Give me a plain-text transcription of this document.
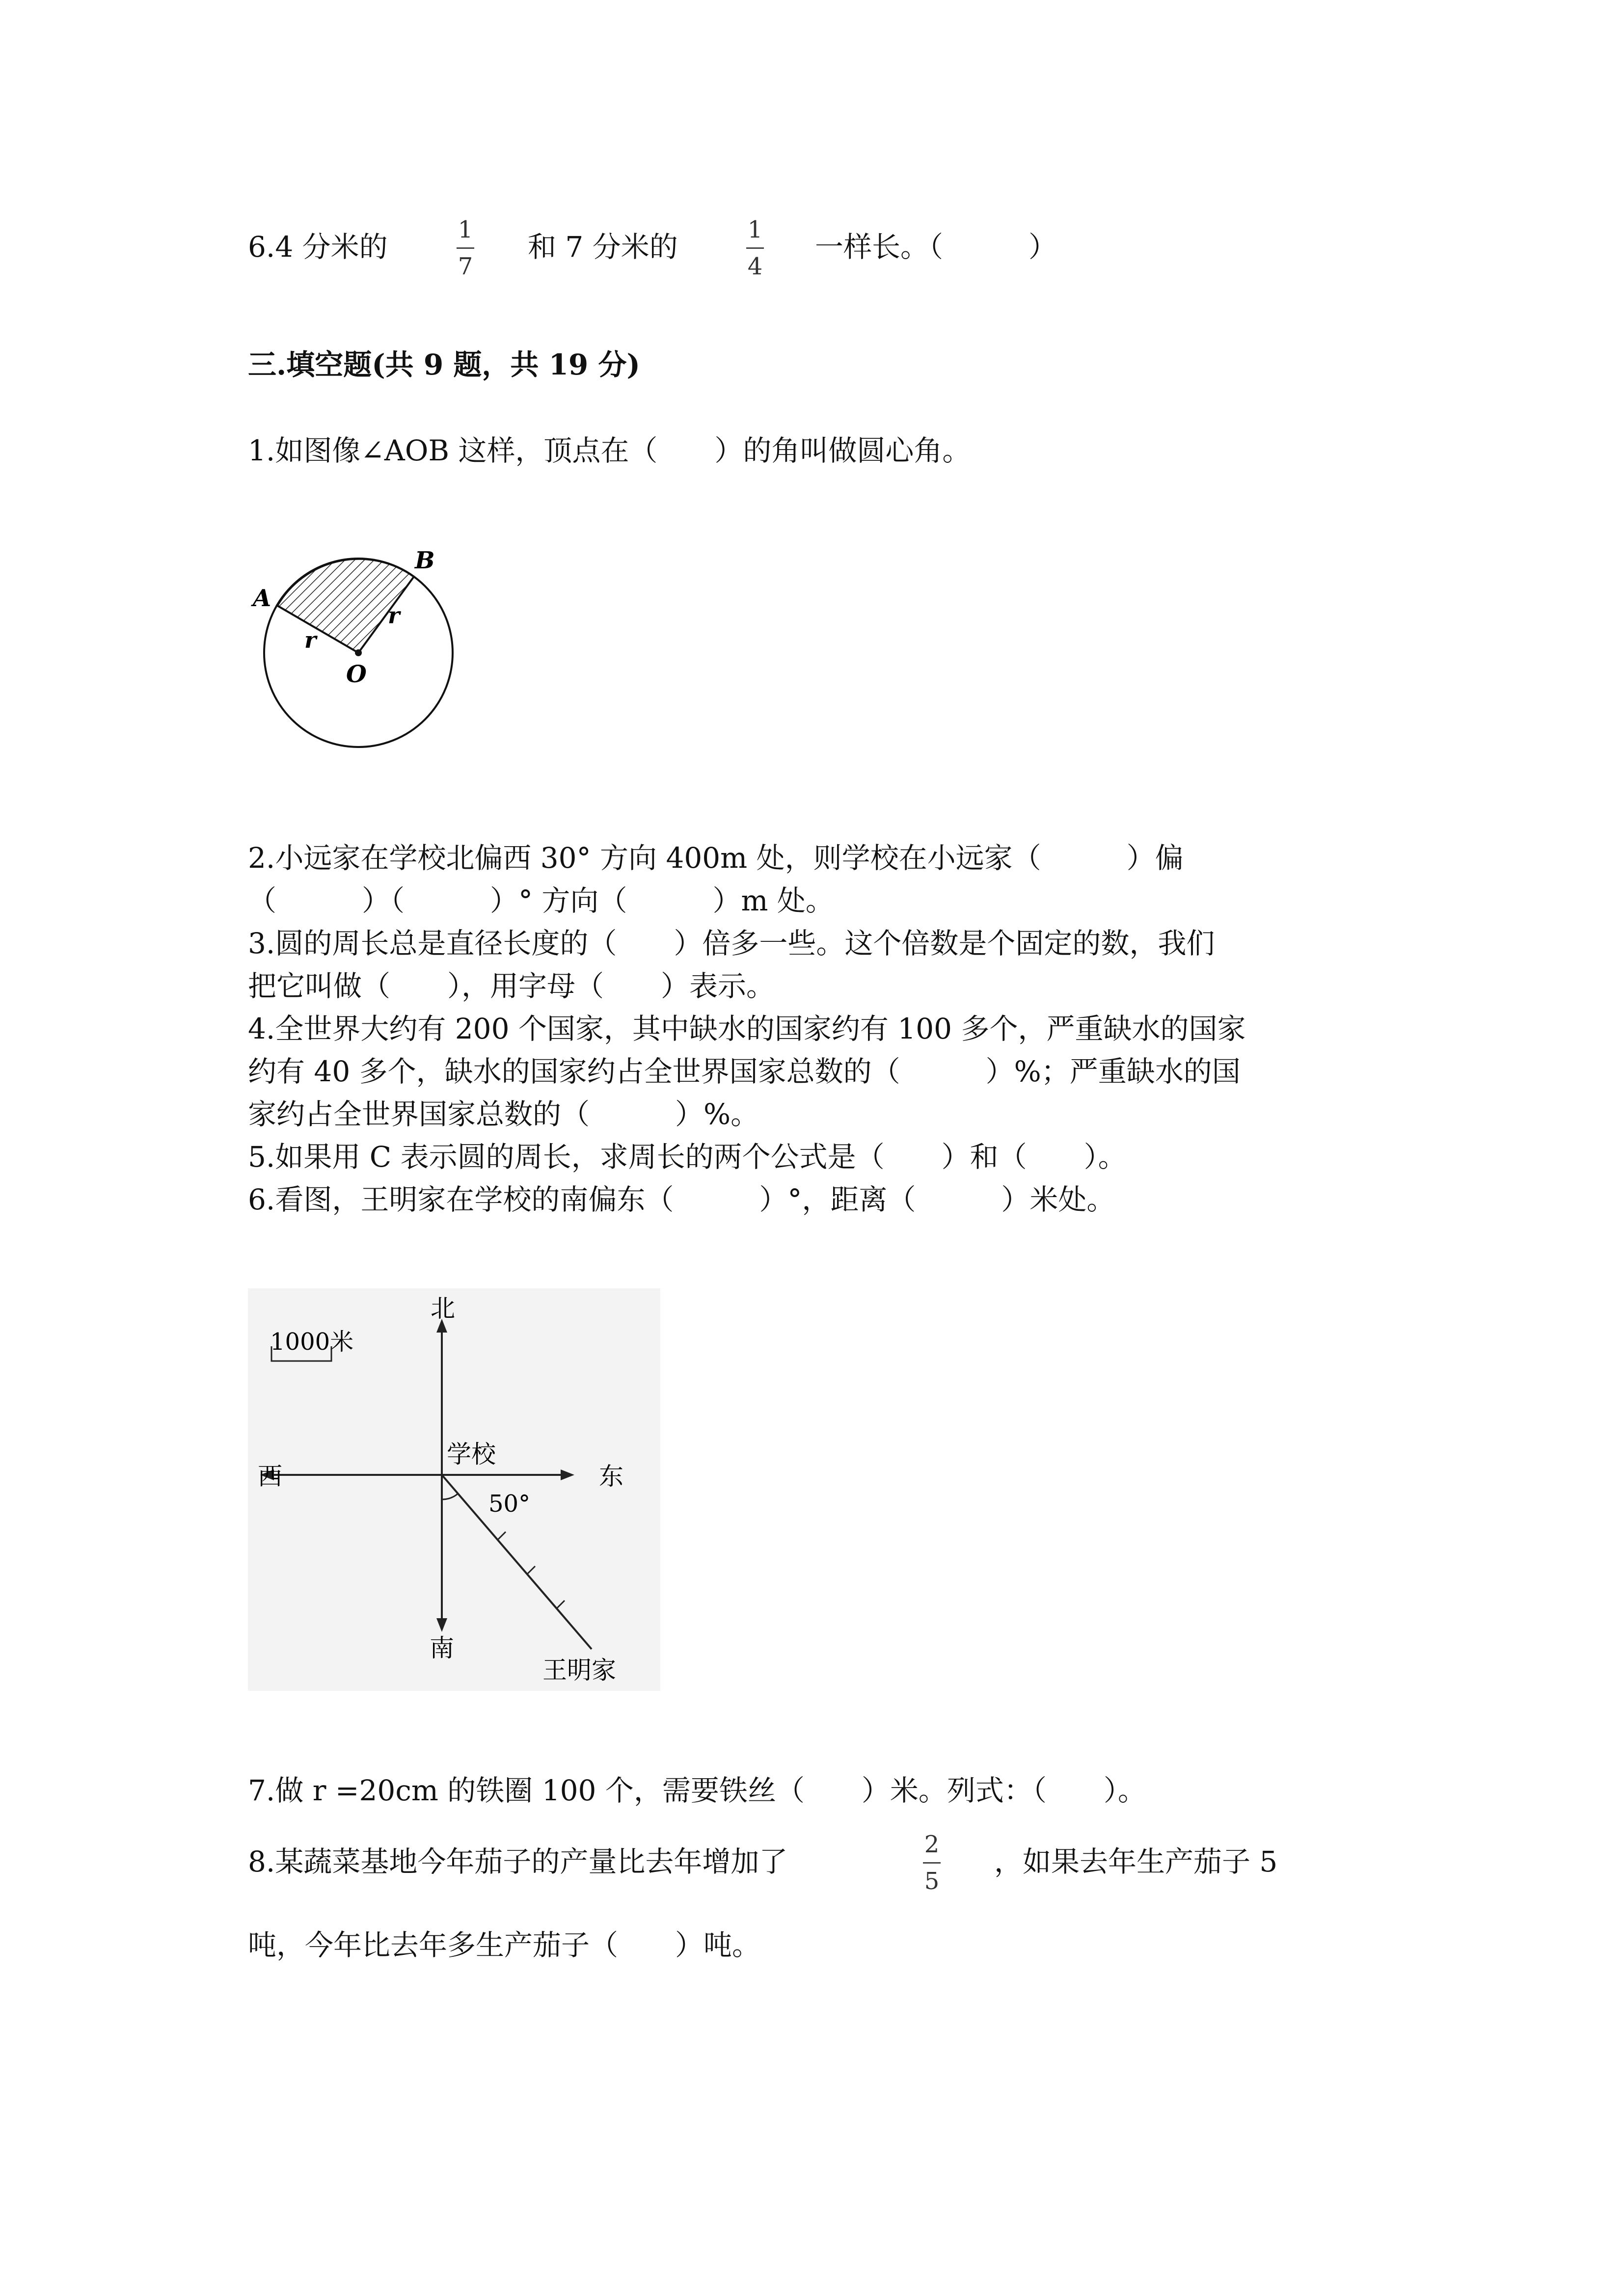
6.4 分米的
1
7
和 7 分米的
1
4
一样长。（　　　）
三.填空题(共 9 题，共 19 分)
1.如图像∠AOB 这样，顶点在（　　）的角叫做圆心角。
A
B
O
r
r
2.小远家在学校北偏西 30° 方向 400m 处，则学校在小远家（　　　）偏
（　　　）（　　　）° 方向（　　　）m 处。
3.圆的周长总是直径长度的（　　）倍多一些。这个倍数是个固定的数，我们
把它叫做（　　），用字母（　　）表示。
4.全世界大约有 200 个国家，其中缺水的国家约有 100 多个，严重缺水的国家
约有 40 多个，缺水的国家约占全世界国家总数的（　　　）%；严重缺水的国
家约占全世界国家总数的（　　　）%。
5.如果用 C 表示圆的周长，求周长的两个公式是（　　）和（　　）。
6.看图，王明家在学校的南偏东（　　　）°，距离（　　　）米处。
北
南
西	东
学校
50°
1000米
王明家
7.做 r =20cm 的铁圈 100 个，需要铁丝（　　）米。列式：（　　）。
8.某蔬菜基地今年茄子的产量比去年增加了
2
5
，如果去年生产茄子 5
吨，今年比去年多生产茄子（　　）吨。
